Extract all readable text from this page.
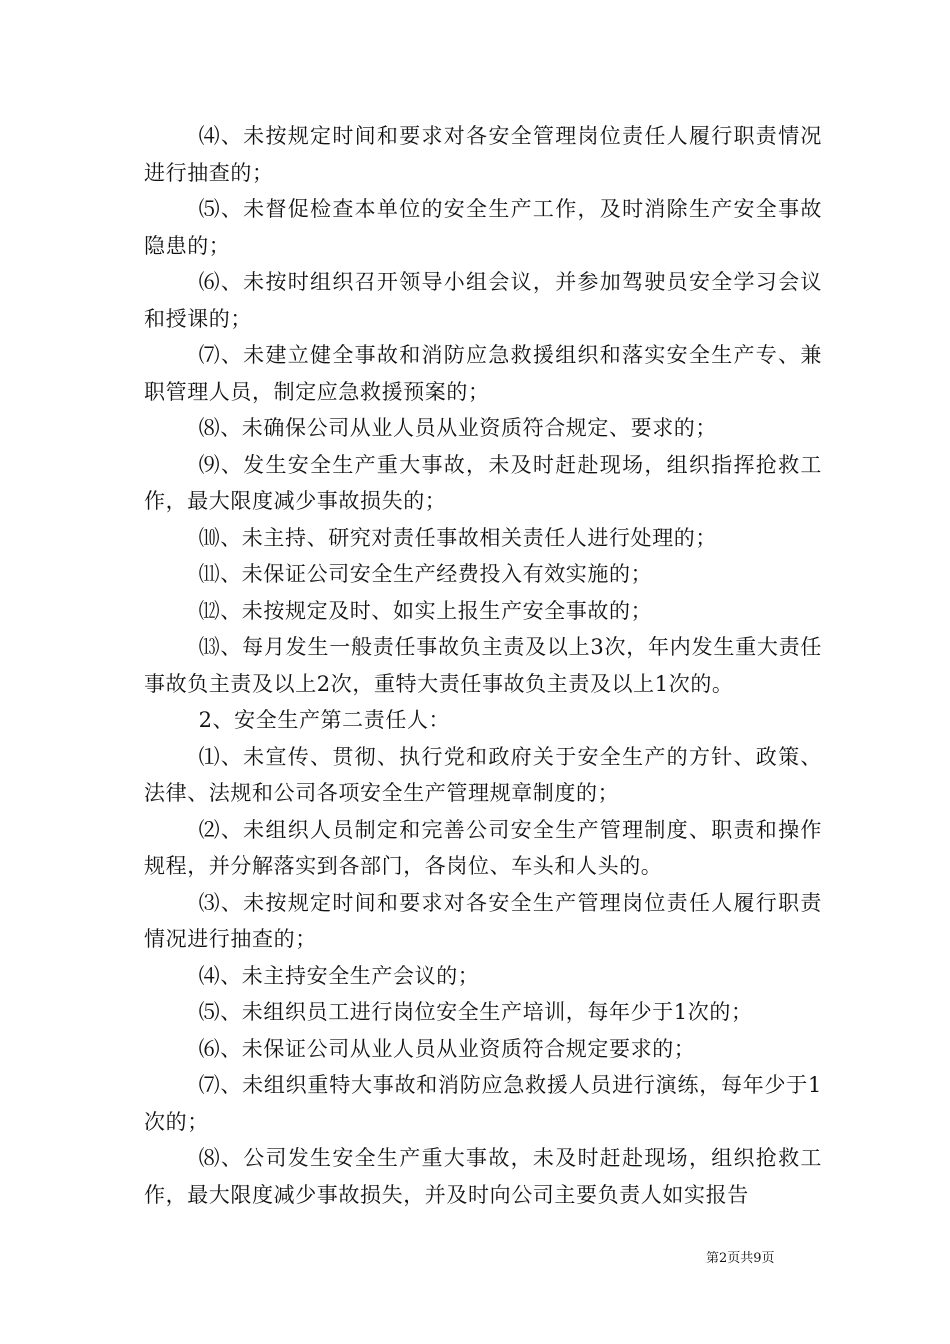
⑷、未按规定时间和要求对各安全管理岗位责任人履行职责情况进行抽查的；

⑸、未督促检查本单位的安全生产工作，及时消除生产安全事故隐患的；

⑹、未按时组织召开领导小组会议，并参加驾驶员安全学习会议和授课的；

⑺、未建立健全事故和消防应急救援组织和落实安全生产专、兼职管理人员，制定应急救援预案的；

⑻、未确保公司从业人员从业资质符合规定、要求的；

⑼、发生安全生产重大事故，未及时赶赴现场，组织指挥抢救工作，最大限度减少事故损失的；

⑽、未主持、研究对责任事故相关责任人进行处理的；

⑾、未保证公司安全生产经费投入有效实施的；

⑿、未按规定及时、如实上报生产安全事故的；

⒀、每月发生一般责任事故负主责及以上3次，年内发生重大责任事故负主责及以上2次，重特大责任事故负主责及以上1次的。

2、安全生产第二责任人：

⑴、未宣传、贯彻、执行党和政府关于安全生产的方针、政策、法律、法规和公司各项安全生产管理规章制度的；

⑵、未组织人员制定和完善公司安全生产管理制度、职责和操作规程，并分解落实到各部门，各岗位、车头和人头的。

⑶、未按规定时间和要求对各安全生产管理岗位责任人履行职责情况进行抽查的；

⑷、未主持安全生产会议的；

⑸、未组织员工进行岗位安全生产培训，每年少于1次的；

⑹、未保证公司从业人员从业资质符合规定要求的；

⑺、未组织重特大事故和消防应急救援人员进行演练，每年少于1次的；

⑻、公司发生安全生产重大事故，未及时赶赴现场，组织抢救工作，最大限度减少事故损失，并及时向公司主要负责人如实报告

第2页共9页
